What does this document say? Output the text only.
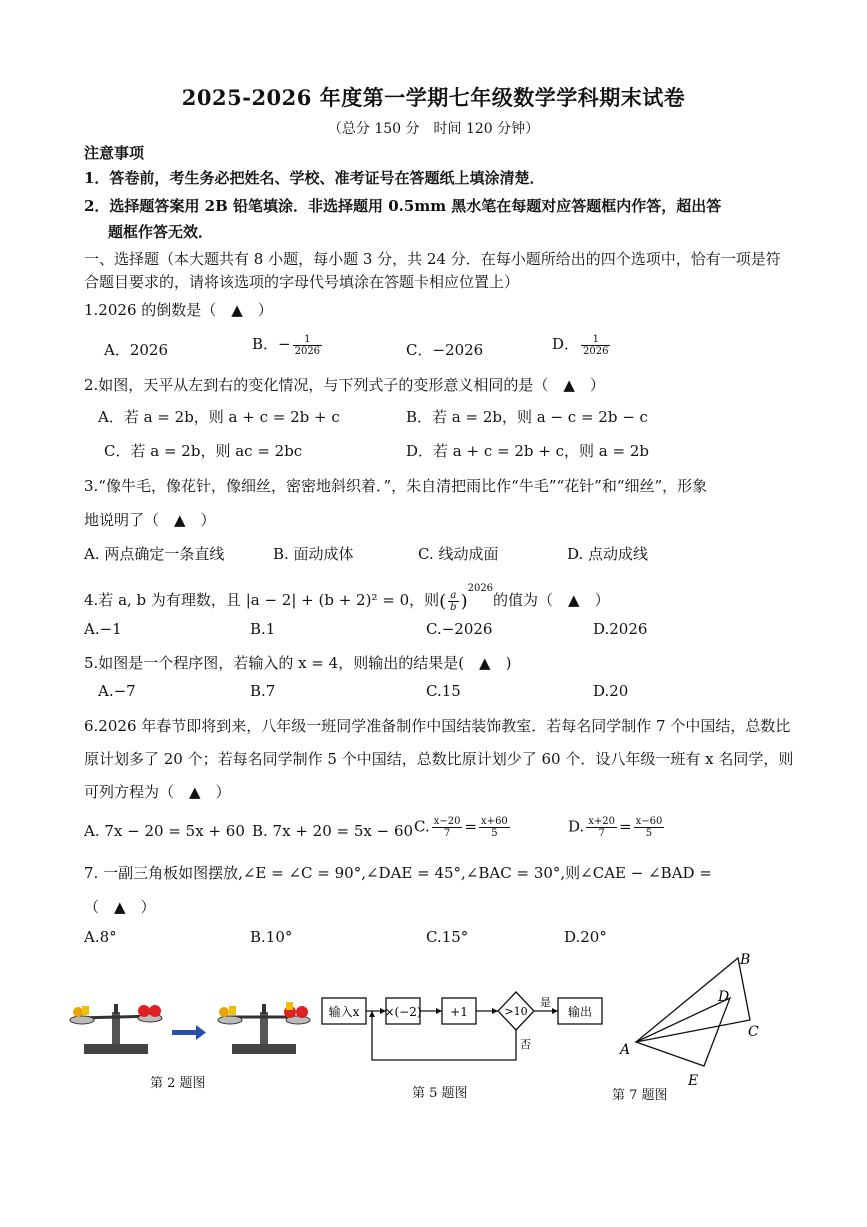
2025-2026 年度第一学期七年级数学学科期末试卷
（总分 150 分　时间 120 分钟）
注意事项
1．答卷前，考生务必把姓名、学校、准考证号在答题纸上填涂清楚．
2．选择题答案用 2B 铅笔填涂．非选择题用 0.5mm 黑水笔在每题对应答题框内作答，超出答
题框作答无效．
一、选择题（本大题共有 8 小题，每小题 3 分，共 24 分．在每小题所给出的四个选项中，恰有一项是符
合题目要求的，请将该选项的字母代号填涂在答题卡相应位置上）
1.2026 的倒数是（　▲　）
A．2026	B．− $\frac{1}{2026}$	C．−2026	D． $\frac{1}{2026}$
2.如图，天平从左到右的变化情况，与下列式子的变形意义相同的是（　▲　）
A．若 a = 2b，则 a + c = 2b + c	B．若 a = 2b，则 a − c = 2b − c
C．若 a = 2b，则 ac = 2bc	D．若 a + c = 2b + c，则 a = 2b
3.“像牛毛，像花针，像细丝，密密地斜织着．”，朱自清把雨比作“牛毛”“花针”和“细丝”，形象
地说明了（　▲　）
A. 两点确定一条直线	B. 面动成体	C. 线动成面	D. 点动成线
4.若 a, b 为有理数，且 |a − 2| + (b + 2)² = 0，则( $\frac{a}{b} )^{2026}$的值为（　▲　）
A.−1	B.1	C.−2026	D.2026
5.如图是一个程序图，若输入的 x = 4，则输出的结果是(　▲　)
A.−7	B.7	C.15	D.20
6.2026 年春节即将到来，八年级一班同学准备制作中国结装饰教室．若每名同学制作 7 个中国结，总数比
原计划多了 20 个；若每名同学制作 5 个中国结，总数比原计划少了 60 个．设八年级一班有 x 名同学，则
可列方程为（　▲　）
A. 7x − 20 = 5x + 60 B. 7x + 20 = 5x − 60 C. $\frac{x-20}{7} = \frac{x+60}{5}$	D. $\frac{x+20}{7} = \frac{x-60}{5}$
7. 一副三角板如图摆放,∠E = ∠C = 90°,∠DAE = 45°,∠BAC = 30°,则∠CAE − ∠BAD =
（　▲　）
A.8°	B.10°	C.15°	D.20°
第 2 题图
输入x ×(−2) +1	>10	输出
是
否
第 5 题图
A
B
C
D
E
第 7 题图
